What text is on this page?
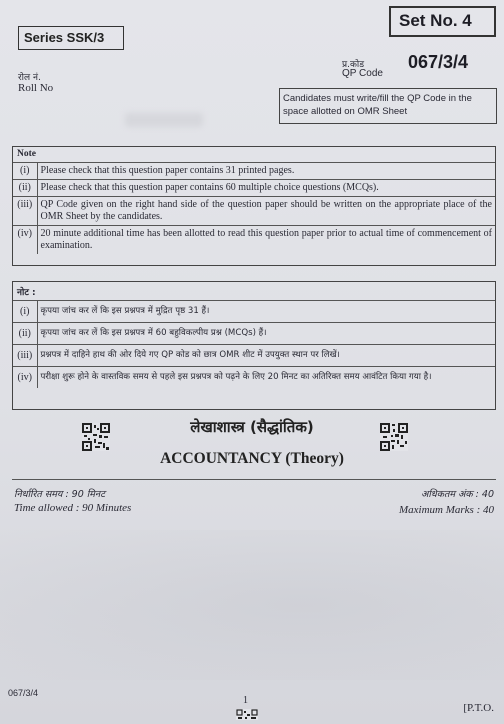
Series SSK/3
Set No. 4
रोल नं.
Roll No
प्र.कोड
QP Code
067/3/4
Candidates must write/fill the QP Code in the space allotted on OMR Sheet
Note
(i)	Please check that this question paper contains 31 printed pages.
(ii)	Please check that this question paper contains 60 multiple choice questions (MCQs).
(iii)	QP Code given on the right hand side of the question paper should be written on the appropriate place of the OMR Sheet by the candidates.
(iv)	20 minute additional time has been allotted to read this question paper prior to actual time of commencement of examination.
नोट :
(i)	कृपया जांच कर लें कि इस प्रश्नपत्र में मुद्रित पृष्ठ 31 हैं।
(ii)	कृपया जांच कर लें कि इस प्रश्नपत्र में 60 बहुविकल्पीय प्रश्न (MCQs) हैं।
(iii)	प्रश्नपत्र में दाहिने हाथ की ओर दिये गए QP कोड को छात्र OMR शीट में उपयुक्त स्थान पर लिखें।
(iv)	परीक्षा शुरू होने के वास्तविक समय से पहले इस प्रश्नपत्र को पढ़ने के लिए 20 मिनट का अतिरिक्त समय आवंटित किया गया है।
लेखाशास्त्र (सैद्धांतिक)
ACCOUNTANCY (Theory)
निर्धारित समय : 90 मिनट
Time allowed : 90 Minutes
अधिकतम अंक : 40
Maximum Marks : 40
067/3/4
1
[P.T.O.
